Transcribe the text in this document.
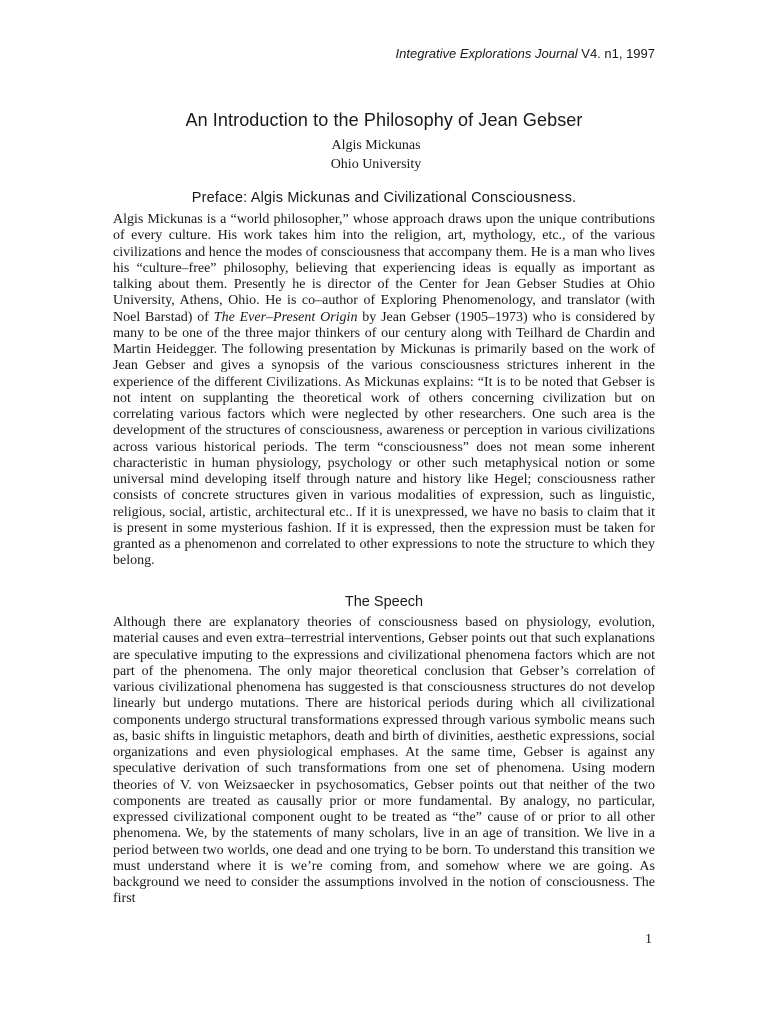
Integrative Explorations Journal V4. n1, 1997
An Introduction to the Philosophy of Jean Gebser
Algis Mickunas
Ohio University
Preface: Algis Mickunas and Civilizational Consciousness.

Algis Mickunas is a “world philosopher,” whose approach draws upon the unique contributions of every culture. His work takes him into the religion, art, mythology, etc., of the various civilizations and hence the modes of consciousness that accompany them. He is a man who lives his “culture–free” philosophy, believing that experiencing ideas is equally as important as talking about them. Presently he is director of the Center for Jean Gebser Studies at Ohio University, Athens, Ohio. He is co–author of Exploring Phenomenology, and translator (with Noel Barstad) of The Ever–Present Origin by Jean Gebser (1905–1973) who is considered by many to be one of the three major thinkers of our century along with Teilhard de Chardin and Martin Heidegger. The following presentation by Mickunas is primarily based on the work of Jean Gebser and gives a synopsis of the various consciousness strictures inherent in the experience of the different Civilizations. As Mickunas explains: “It is to be noted that Gebser is not intent on supplanting the theoretical work of others concerning civilization but on correlating various factors which were neglected by other researchers. One such area is the development of the structures of consciousness, awareness or perception in various civilizations across various historical periods. The term “consciousness” does not mean some inherent characteristic in human physiology, psychology or other such metaphysical notion or some universal mind developing itself through nature and history like Hegel; consciousness rather consists of concrete structures given in various modalities of expression, such as linguistic, religious, social, artistic, architectural etc.. If it is unexpressed, we have no basis to claim that it is present in some mysterious fashion. If it is expressed, then the expression must be taken for granted as a phenomenon and correlated to other expressions to note the structure to which they belong.

The Speech

Although there are explanatory theories of consciousness based on physiology, evolution, material causes and even extra–terrestrial interventions, Gebser points out that such explanations are speculative imputing to the expressions and civilizational phenomena factors which are not part of the phenomena. The only major theoretical conclusion that Gebser’s correlation of various civilizational phenomena has suggested is that consciousness structures do not develop linearly but undergo mutations. There are historical periods during which all civilizational components undergo structural transformations expressed through various symbolic means such as, basic shifts in linguistic metaphors, death and birth of divinities, aesthetic expressions, social organizations and even physiological emphases. At the same time, Gebser is against any speculative derivation of such transformations from one set of phenomena. Using modern theories of V. von Weizsaecker in psychosomatics, Gebser points out that neither of the two components are treated as causally prior or more fundamental. By analogy, no particular, expressed civilizational component ought to be treated as “the” cause of or prior to all other phenomena. We, by the statements of many scholars, live in an age of transition. We live in a period between two worlds, one dead and one trying to be born. To understand this transition we must understand where it is we’re coming from, and somehow where we are going. As background we need to consider the assumptions involved in the notion of consciousness. The first

1
